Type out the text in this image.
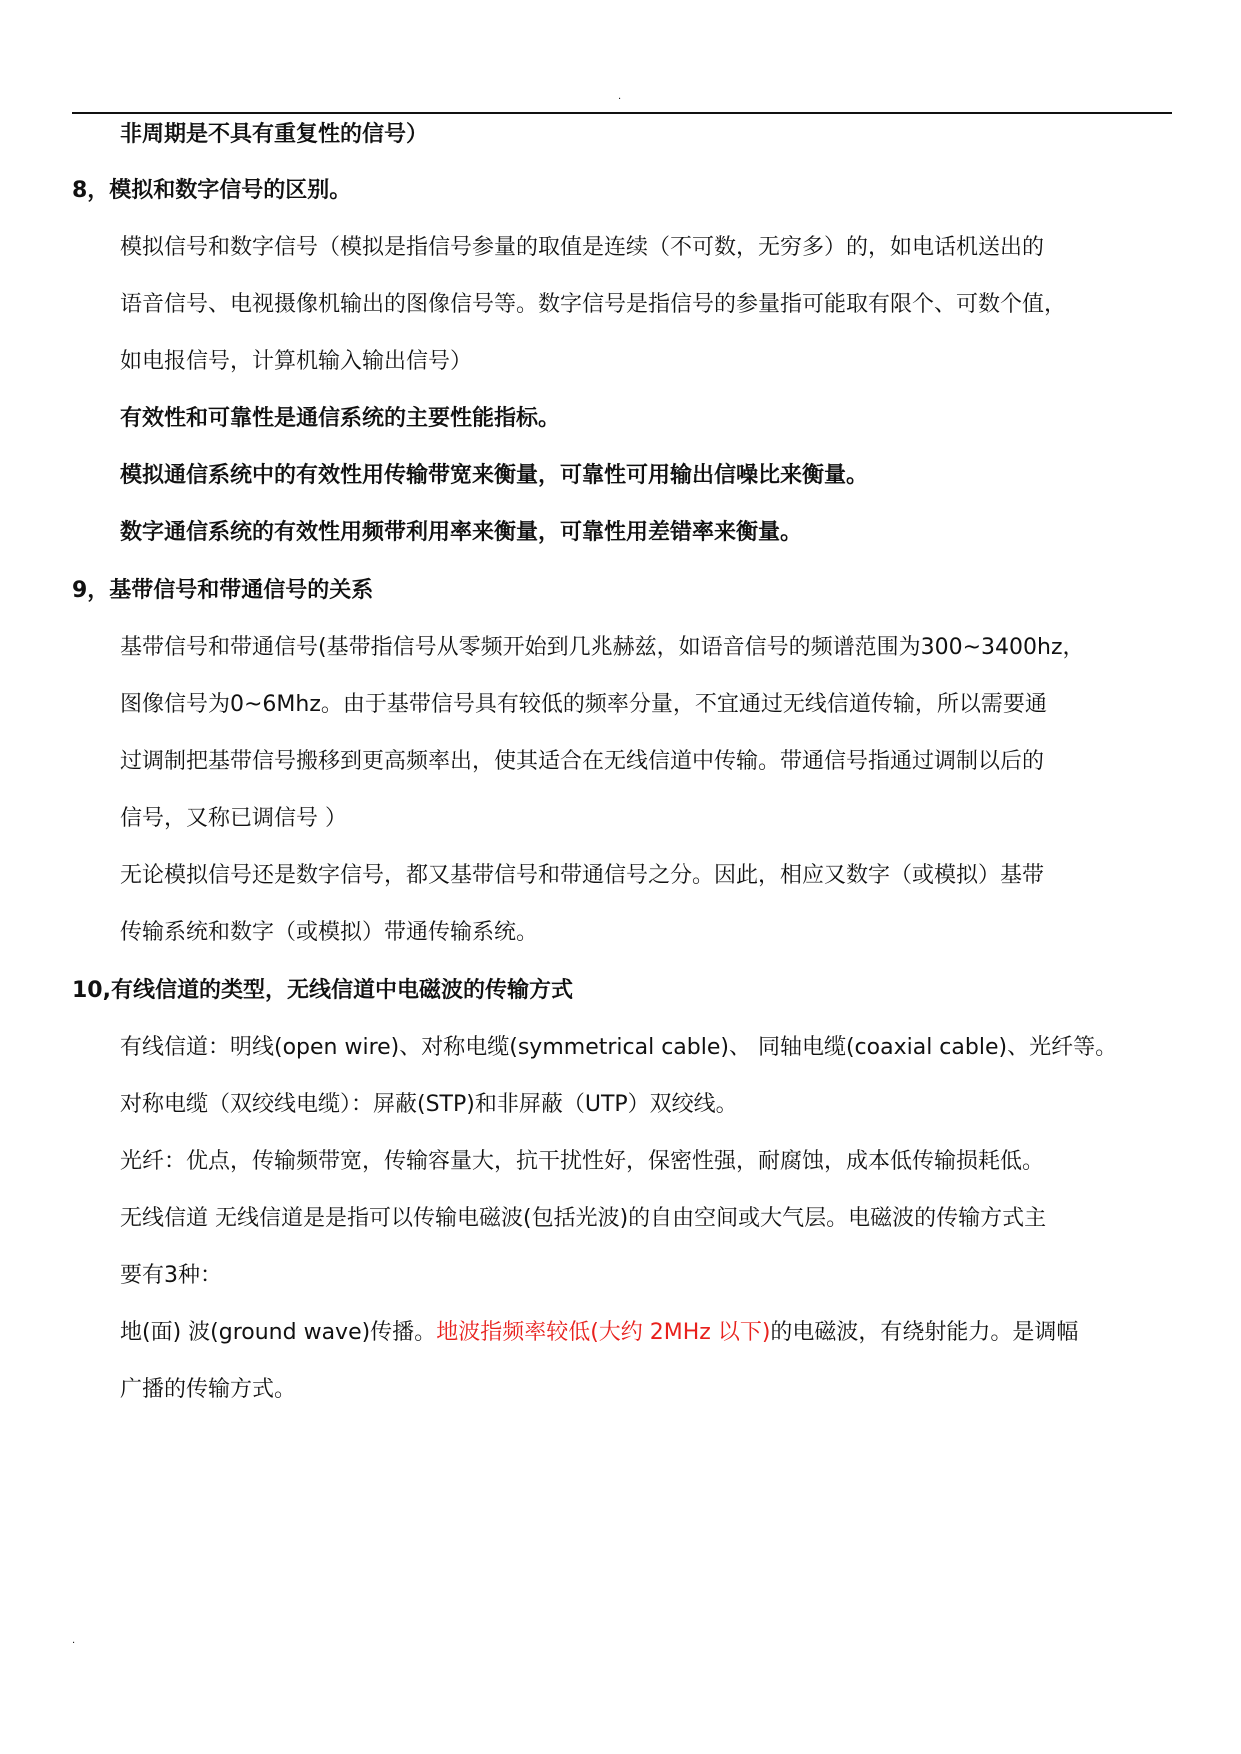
.
非周期是不具有重复性的信号）
8，模拟和数字信号的区别。
模拟信号和数字信号（模拟是指信号参量的取值是连续（不可数，无穷多）的，如电话机送出的
语音信号、电视摄像机输出的图像信号等。数字信号是指信号的参量指可能取有限个、可数个值，
如电报信号，计算机输入输出信号）
有效性和可靠性是通信系统的主要性能指标。
模拟通信系统中的有效性用传输带宽来衡量，可靠性可用输出信噪比来衡量。
数字通信系统的有效性用频带利用率来衡量，可靠性用差错率来衡量。
9，基带信号和带通信号的关系
基带信号和带通信号(基带指信号从零频开始到几兆赫兹，如语音信号的频谱范围为300~3400hz，
图像信号为0~6Mhz。由于基带信号具有较低的频率分量，不宜通过无线信道传输，所以需要通
过调制把基带信号搬移到更高频率出，使其适合在无线信道中传输。带通信号指通过调制以后的
信号，又称已调信号 ）
无论模拟信号还是数字信号，都又基带信号和带通信号之分。因此，相应又数字（或模拟）基带
传输系统和数字（或模拟）带通传输系统。
10,有线信道的类型，无线信道中电磁波的传输方式
有线信道：明线(open wire)、对称电缆(symmetrical cable)、 同轴电缆(coaxial cable)、光纤等。
对称电缆（双绞线电缆）：屏蔽(STP)和非屏蔽（UTP）双绞线。
光纤：优点，传输频带宽，传输容量大，抗干扰性好，保密性强，耐腐蚀，成本低传输损耗低。
无线信道 无线信道是是指可以传输电磁波(包括光波)的自由空间或大气层。电磁波的传输方式主
要有3种：
地(面) 波(ground wave)传播。地波指频率较低(大约 2MHz 以下)的电磁波，有绕射能力。是调幅
广播的传输方式。
.
